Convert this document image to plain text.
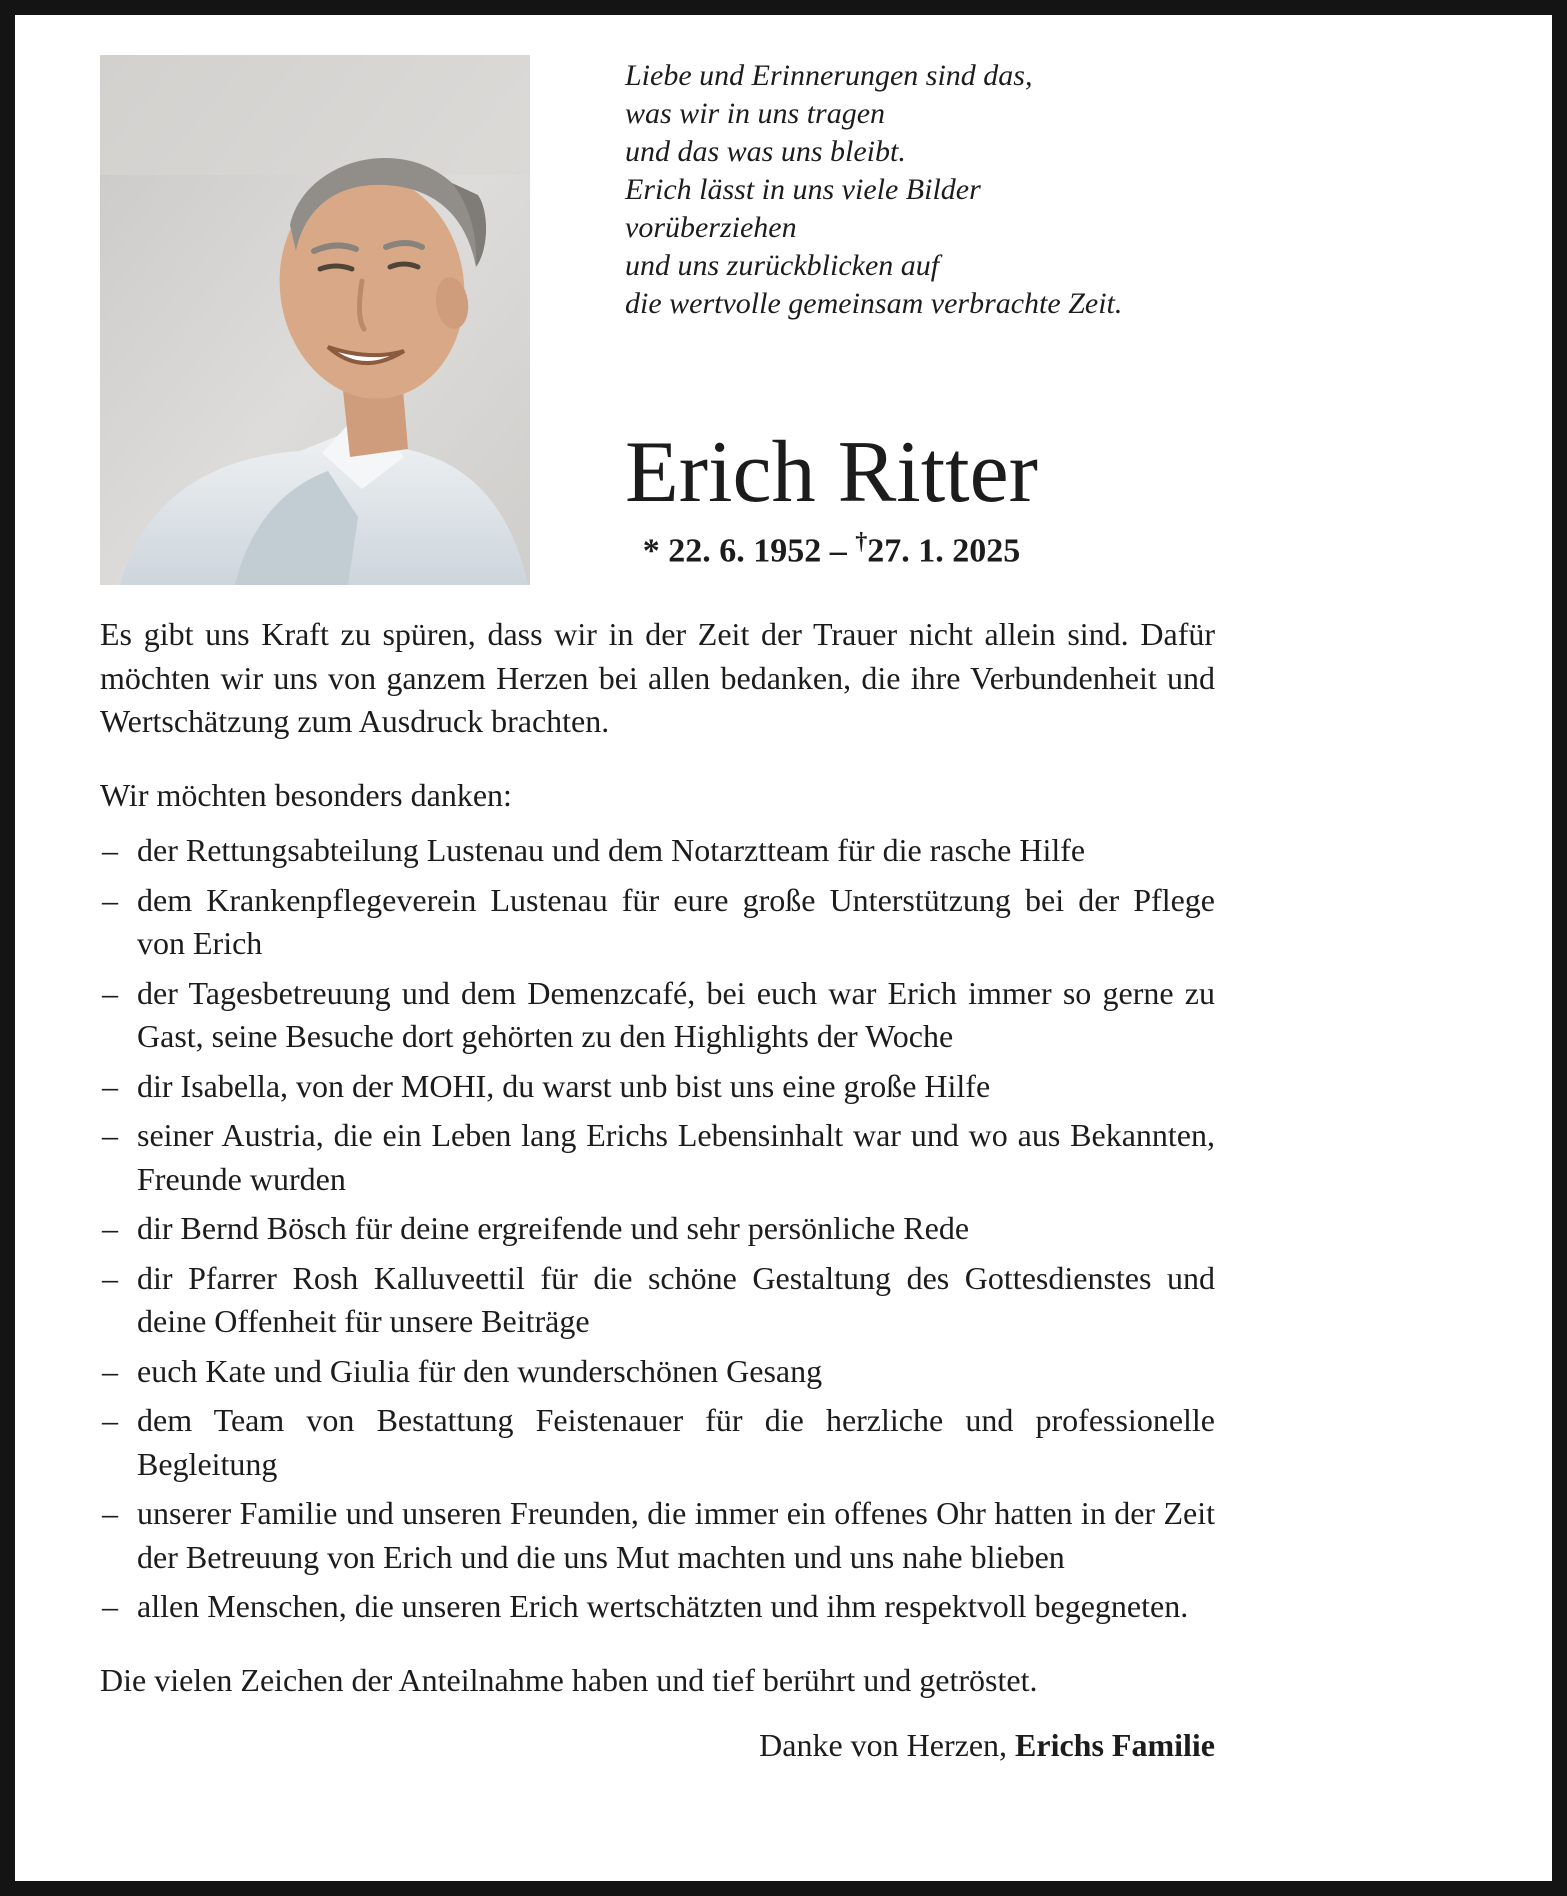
Liebe und Erinnerungen sind das,
was wir in uns tragen
und das was uns bleibt.
Erich lässt in uns viele Bilder
vorüberziehen
und uns zurückblicken auf
die wertvolle gemeinsam verbrachte Zeit.
Erich Ritter
* 22. 6. 1952 – †27. 1. 2025

Es gibt uns Kraft zu spüren, dass wir in der Zeit der Trauer nicht allein sind. Dafür möchten wir uns von ganzem Herzen bei allen bedanken, die ihre Verbundenheit und Wertschätzung zum Ausdruck brachten.

Wir möchten besonders danken:

– der Rettungsabteilung Lustenau und dem Notarztteam für die rasche Hilfe
– dem Krankenpflegeverein Lustenau für eure große Unterstützung bei der Pflege von Erich
– der Tagesbetreuung und dem Demenzcafé, bei euch war Erich immer so gerne zu Gast, seine Besuche dort gehörten zu den Highlights der Woche
– dir Isabella, von der MOHI, du warst unb bist uns eine große Hilfe
– seiner Austria, die ein Leben lang Erichs Lebensinhalt war und wo aus Bekannten, Freunde wurden
– dir Bernd Bösch für deine ergreifende und sehr persönliche Rede
– dir Pfarrer Rosh Kalluveettil für die schöne Gestaltung des Gottesdienstes und deine Offenheit für unsere Beiträge
– euch Kate und Giulia für den wunderschönen Gesang
– dem Team von Bestattung Feistenauer für die herzliche und professionelle Begleitung
– unserer Familie und unseren Freunden, die immer ein offenes Ohr hatten in der Zeit der Betreuung von Erich und die uns Mut machten und uns nahe blieben
– allen Menschen, die unseren Erich wertschätzten und ihm respektvoll begegneten.

Die vielen Zeichen der Anteilnahme haben und tief berührt und getröstet.

Danke von Herzen, Erichs Familie
